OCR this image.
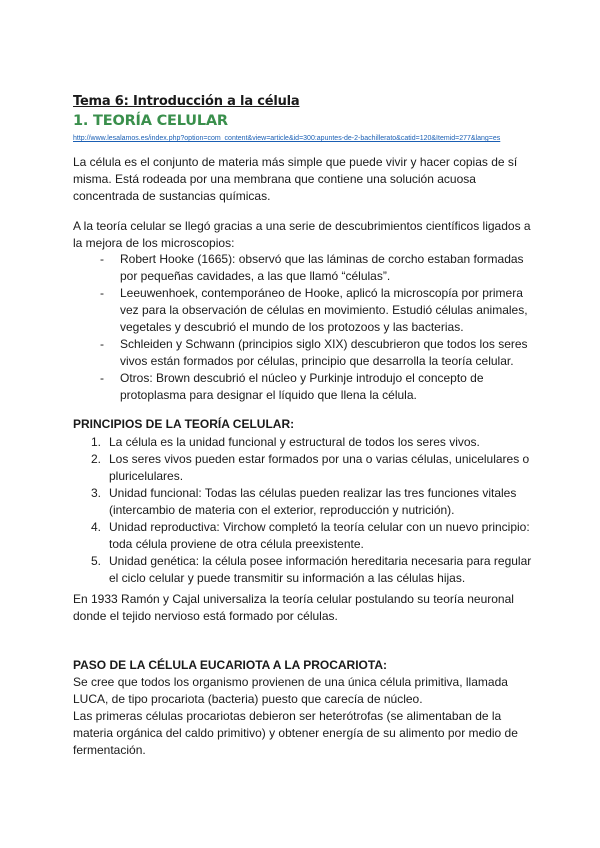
Tema 6: Introducción a la célula

1. TEORÍA CELULAR

http://www.lesalamos.es/index.php?option=com_content&view=article&id=300:apuntes-de-2-bachillerato&catid=120&Itemid=277&lang=es

La célula es el conjunto de materia más simple que puede vivir y hacer copias de sí misma. Está rodeada por una membrana que contiene una solución acuosa concentrada de sustancias químicas.

A la teoría celular se llegó gracias a una serie de descubrimientos científicos ligados a la mejora de los microscopios:

- Robert Hooke (1665): observó que las láminas de corcho estaban formadas por pequeñas cavidades, a las que llamó “células”.
- Leeuwenhoek, contemporáneo de Hooke, aplicó la microscopía por primera vez para la observación de células en movimiento. Estudió células animales, vegetales y descubrió el mundo de los protozoos y las bacterias.
- Schleiden y Schwann (principios siglo XIX) descubrieron que todos los seres vivos están formados por células, principio que desarrolla la teoría celular.
- Otros: Brown descubrió el núcleo y Purkinje introdujo el concepto de protoplasma para designar el líquido que llena la célula.

PRINCIPIOS DE LA TEORÍA CELULAR:

1. La célula es la unidad funcional y estructural de todos los seres vivos.
2. Los seres vivos pueden estar formados por una o varias células, unicelulares o pluricelulares.
3. Unidad funcional: Todas las células pueden realizar las tres funciones vitales (intercambio de materia con el exterior, reproducción y nutrición).
4. Unidad reproductiva: Virchow completó la teoría celular con un nuevo principio: toda célula proviene de otra célula preexistente.
5. Unidad genética: la célula posee información hereditaria necesaria para regular el ciclo celular y puede transmitir su información a las células hijas.

En 1933 Ramón y Cajal universaliza la teoría celular postulando su teoría neuronal donde el tejido nervioso está formado por células.

PASO DE LA CÉLULA EUCARIOTA A LA PROCARIOTA:

Se cree que todos los organismo provienen de una única célula primitiva, llamada LUCA, de tipo procariota (bacteria) puesto que carecía de núcleo.

Las primeras células procariotas debieron ser heterótrofas (se alimentaban de la materia orgánica del caldo primitivo) y obtener energía de su alimento por medio de fermentación.
